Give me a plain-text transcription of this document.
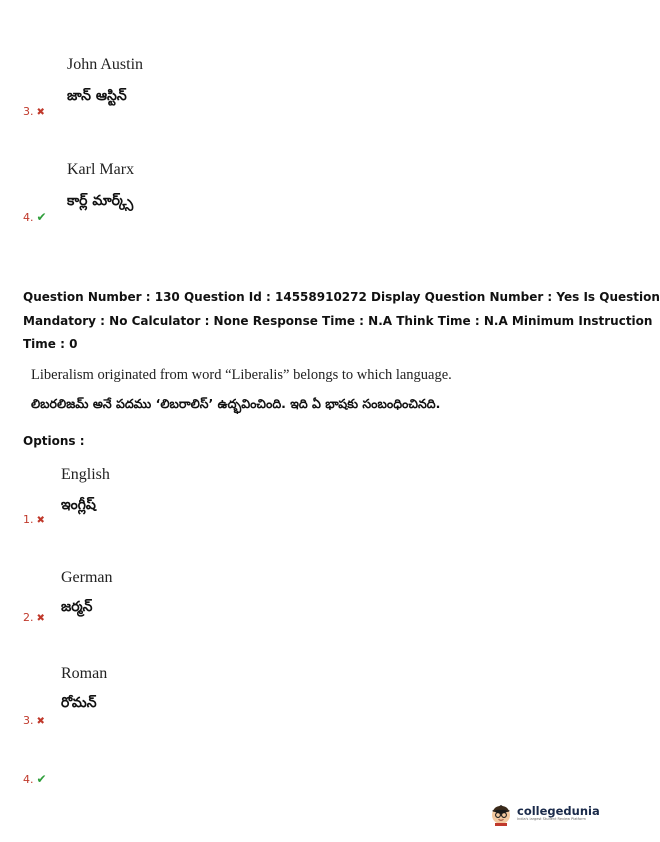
John Austin
జాన్ ఆస్టిన్
3. ✖
Karl Marx
కార్ల్ మార్క్స్
4. ✔
Question Number : 130 Question Id : 14558910272 Display Question Number : Yes Is Question
Mandatory : No Calculator : None Response Time : N.A Think Time : N.A Minimum Instruction
Time : 0
Liberalism originated from word “Liberalis” belongs to which language.
లిబరలిజమ్ అనే పదము ‘లిబరాలిస్’ ఉద్భవించింది. ఇది ఏ భాషకు సంబంధించినది.
Options :
English
ఇంగ్లీష్
1. ✖
German
జర్మన్
2. ✖
Roman
రోమన్
3. ✖
4. ✔
collegedunia
India's largest Student Review Platform
